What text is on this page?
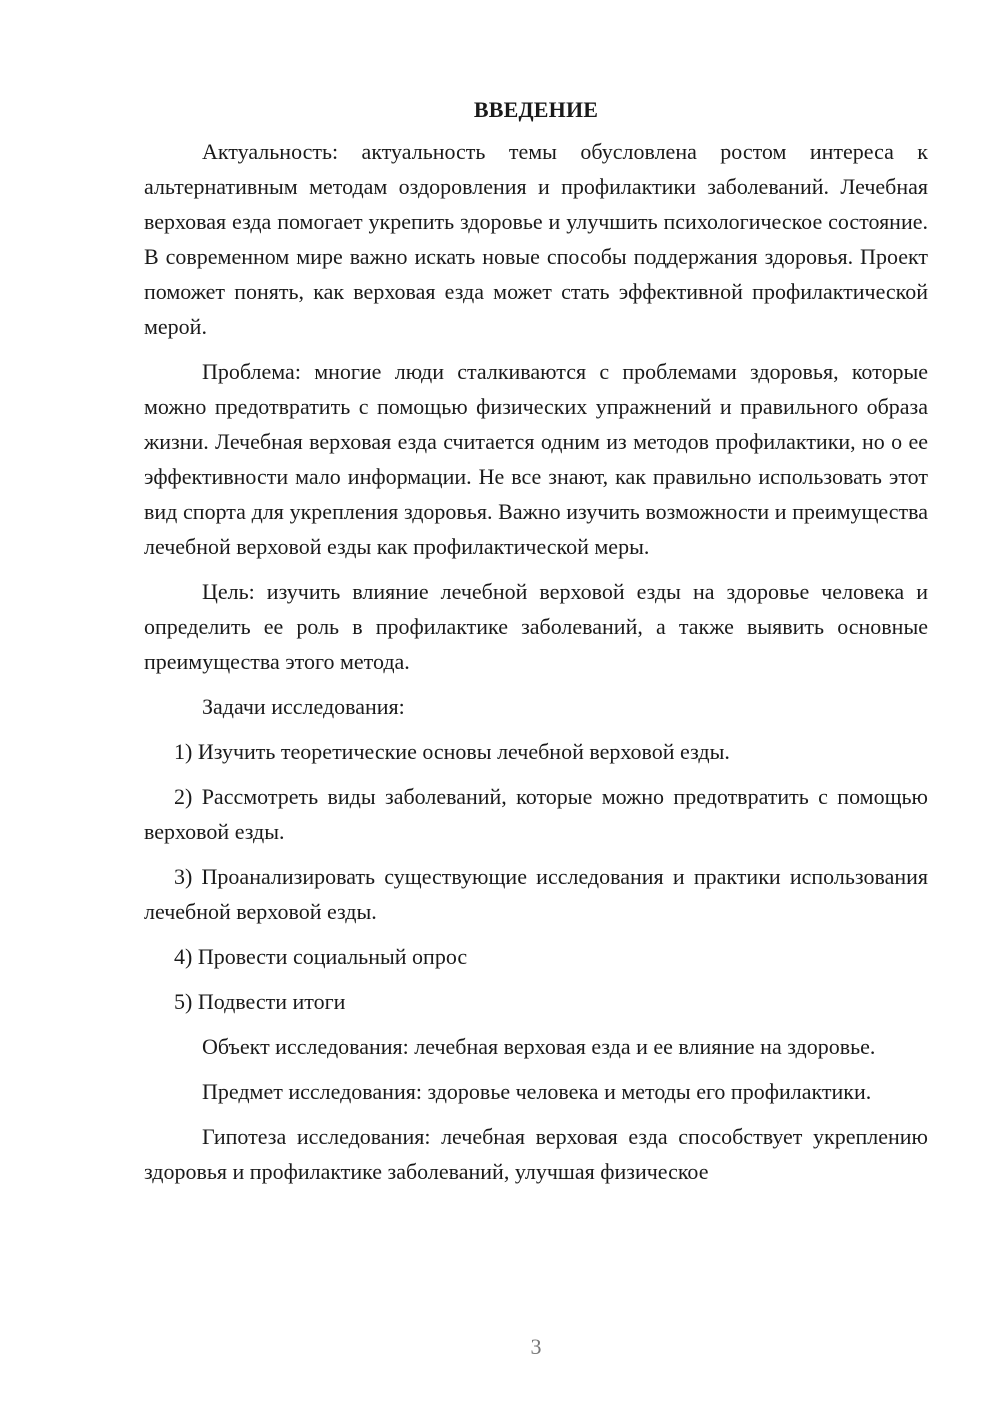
ВВЕДЕНИЕ

Актуальность: актуальность темы обусловлена ростом интереса к альтернативным методам оздоровления и профилактики заболеваний. Лечебная верховая езда помогает укрепить здоровье и улучшить психологическое состояние. В современном мире важно искать новые способы поддержания здоровья. Проект поможет понять, как верховая езда может стать эффективной профилактической мерой.

Проблема: многие люди сталкиваются с проблемами здоровья, которые можно предотвратить с помощью физических упражнений и правильного образа жизни. Лечебная верховая езда считается одним из методов профилактики, но о ее эффективности мало информации. Не все знают, как правильно использовать этот вид спорта для укрепления здоровья. Важно изучить возможности и преимущества лечебной верховой езды как профилактической меры.

Цель: изучить влияние лечебной верховой езды на здоровье человека и определить ее роль в профилактике заболеваний, а также выявить основные преимущества этого метода.

Задачи исследования:

1) Изучить теоретические основы лечебной верховой езды.

2) Рассмотреть виды заболеваний, которые можно предотвратить с помощью верховой езды.

3) Проанализировать существующие исследования и практики использования лечебной верховой езды.

4) Провести социальный опрос

5) Подвести итоги

Объект исследования: лечебная верховая езда и ее влияние на здоровье.

Предмет исследования: здоровье человека и методы его профилактики.

Гипотеза исследования: лечебная верховая езда способствует укреплению здоровья и профилактике заболеваний, улучшая физическое

3
